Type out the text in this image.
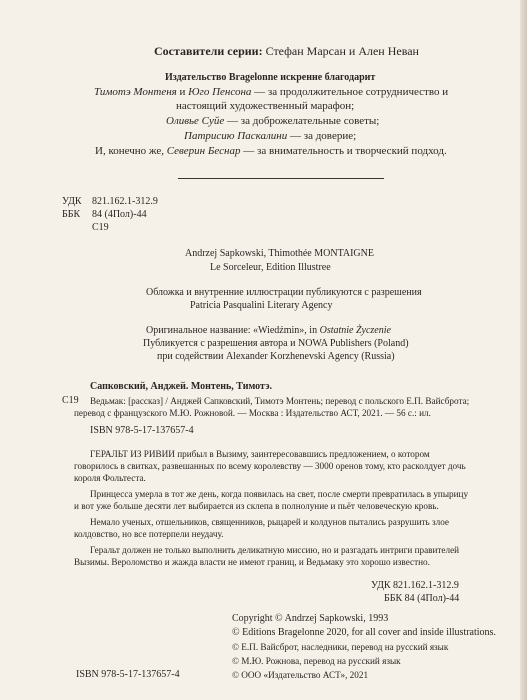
Составители серии: Стефан Марсан и Ален Неван
Издательство Bragelonne искренне благодарит
Тимотэ Монтеня и Юго Пенсона — за продолжительное сотрудничество и
настоящий художественный марафон;
Оливье Суйе — за доброжелательные советы;
Патрисию Паскалини — за доверие;
И, конечно же, Северин Беснар — за внимательность и творческий подход.
УДК 821.162.1-312.9
ББК 84 (4Пол)-44
С19
Andrzej Sapkowski, Thimothée MONTAIGNE
Le Sorceleur, Edition Illustree
Обложка и внутренние иллюстрации публикуются с разрешения
Patricia Pasqualini Literary Agency
Оригинальное название: «Wiedźmin», in Ostatnie Życzenie
Публикуется с разрешения автора и NOWA Publishers (Poland)
при содействии Alexander Korzhenevski Agency (Russia)
Сапковский, Анджей. Монтень, Тимотэ.
С19 Ведьмак: [рассказ] / Анджей Сапковский, Тимотэ Монтень; перевод с польского Е.П. Вайсброта;
перевод с французского М.Ю. Рожновой. — Москва : Издательство АСТ, 2021. — 56 с.: ил.
ISBN 978-5-17-137657-4
ГЕРАЛЬТ ИЗ РИВИИ прибыл в Вызиму, заинтересовавшись предложением, о котором
говорилось в свитках, развешанных по всему королевству — 3000 оренов тому, кто расколдует дочь
короля Фольтеста.
Принцесса умерла в тот же день, когда появилась на свет, после смерти превратилась в упырицу
и вот уже больше десяти лет выбирается из склепа в полнолуние и пьёт человеческую кровь.
Немало ученых, отшельников, священников, рыцарей и колдунов пытались разрушить злое
колдовство, но все потерпели неудачу.
Геральт должен не только выполнить деликатную миссию, но и разгадать интриги правителей
Вызимы. Вероломство и жажда власти не имеют границ, и Ведьмаку это хорошо известно.
УДК 821.162.1-312.9
ББК 84 (4Пол)-44
Copyright © Andrzej Sapkowski, 1993
© Editions Bragelonne 2020, for all cover and inside illustrations.
© Е.П. Вайсброт, наследники, перевод на русский язык
© М.Ю. Рожнова, перевод на русский язык
© ООО «Издательство АСТ», 2021
ISBN 978-5-17-137657-4
